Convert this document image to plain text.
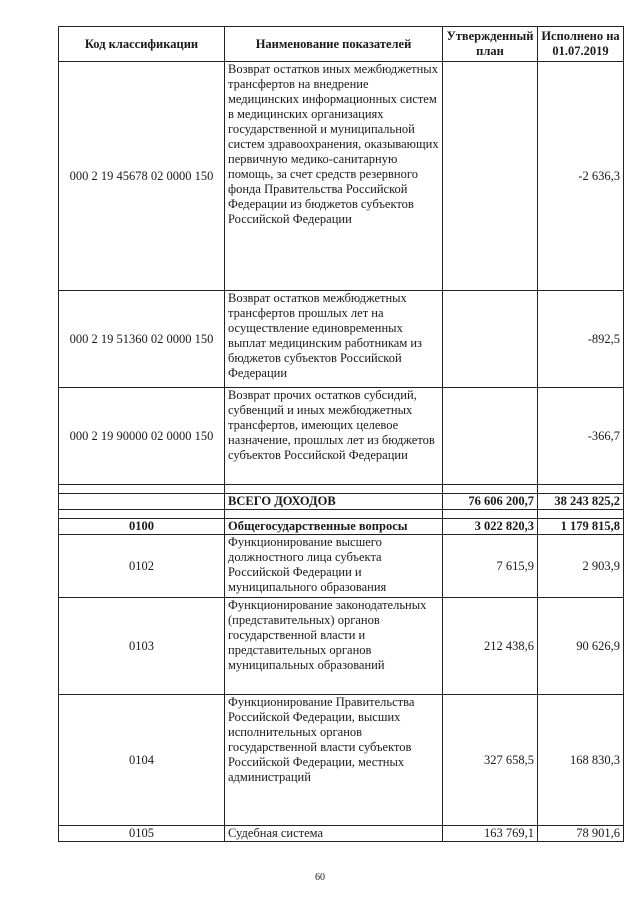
Код классификации	Наименование показателей	Утвержденный план	Исполнено на 01.07.2019
000 2 19 45678 02 0000 150	Возврат остатков иных межбюджетных трансфертов на внедрение медицинских информационных систем в медицинских организациях государственной и муниципальной систем здравоохранения, оказывающих первичную медико-санитарную помощь, за счет средств резервного фонда Правительства Российской Федерации из бюджетов субъектов Российской Федерации		-2 636,3
000 2 19 51360 02 0000 150	Возврат остатков межбюджетных трансфертов прошлых лет на осуществление единовременных выплат медицинским работникам из бюджетов субъектов Российской Федерации		-892,5
000 2 19 90000 02 0000 150	Возврат прочих остатков субсидий, субвенций и иных межбюджетных трансфертов, имеющих целевое назначение, прошлых лет из бюджетов субъектов Российской Федерации		-366,7

	ВСЕГО ДОХОДОВ	76 606 200,7	38 243 825,2

0100	Общегосударственные вопросы	3 022 820,3	1 179 815,8
0102	Функционирование высшего должностного лица субъекта Российской Федерации и муниципального образования	7 615,9	2 903,9
0103	Функционирование законодательных (представительных) органов государственной власти и представительных органов муниципальных образований	212 438,6	90 626,9
0104	Функционирование Правительства Российской Федерации, высших исполнительных органов государственной власти субъектов Российской Федерации, местных администраций	327 658,5	168 830,3
0105	Судебная система	163 769,1	78 901,6
60
